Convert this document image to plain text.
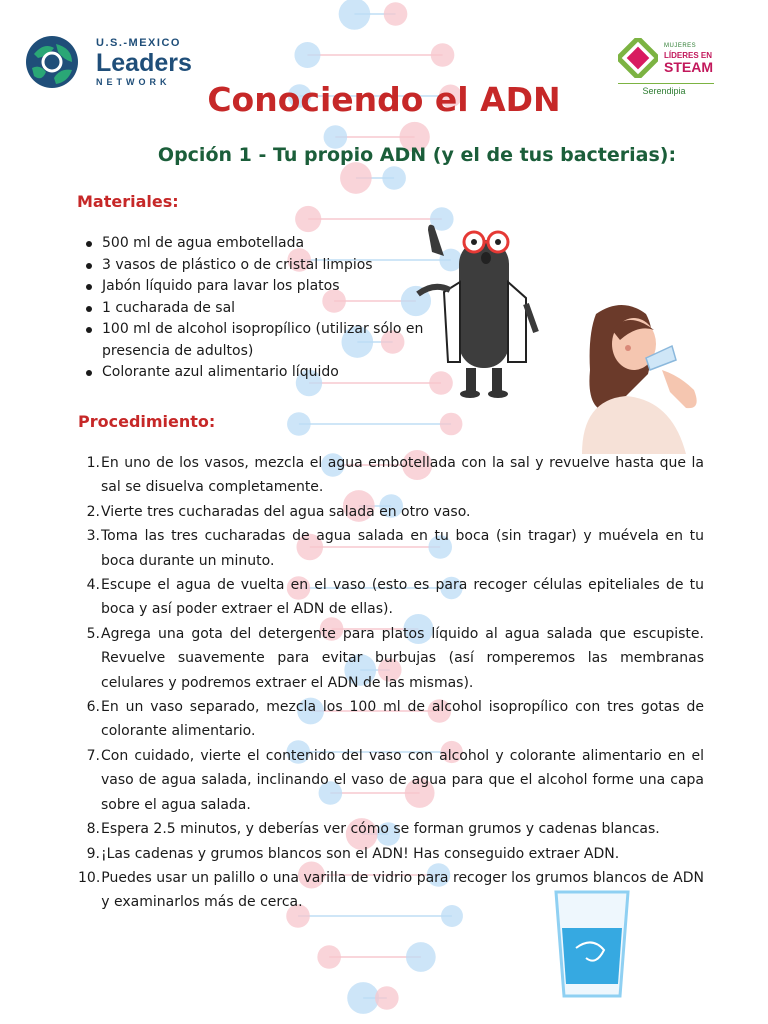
U.S.-MEXICO
Leaders
NETWORK
MUJERES
LÍDERES EN
STEAM
Serendipia
Conociendo el ADN
Opción 1 - Tu propio ADN (y el de tus bacterias):
Materiales:
500 ml de agua embotellada
3 vasos de plástico o de cristal limpios
Jabón líquido para lavar los platos
1 cucharada de sal
100 ml de alcohol isopropílico (utilizar sólo en presencia de adultos)
Colorante azul alimentario líquido
Procedimiento:
1. En uno de los vasos, mezcla el agua embotellada con la sal y revuelve hasta que la sal se disuelva completamente.
2. Vierte tres cucharadas del agua salada en otro vaso.
3. Toma las tres cucharadas de agua salada en tu boca (sin tragar) y muévela en tu boca durante un minuto.
4. Escupe el agua de vuelta en el vaso (esto es para recoger células epiteliales de tu boca y así poder extraer el ADN de ellas).
5. Agrega una gota del detergente para platos líquido al agua salada que escupiste. Revuelve suavemente para evitar burbujas (así romperemos las membranas celulares y podremos extraer el ADN de las mismas).
6. En un vaso separado, mezcla los 100 ml de alcohol isopropílico con tres gotas de colorante alimentario.
7. Con cuidado, vierte el contenido del vaso con alcohol y colorante alimentario en el vaso de agua salada, inclinando el vaso de agua para que el alcohol forme una capa sobre el agua salada.
8. Espera 2.5 minutos, y deberías ver cómo se forman grumos y cadenas blancas.
9. ¡Las cadenas y grumos blancos son el ADN! Has conseguido extraer ADN.
10. Puedes usar un palillo o una varilla de vidrio para recoger los grumos blancos de ADN y examinarlos más de cerca.
